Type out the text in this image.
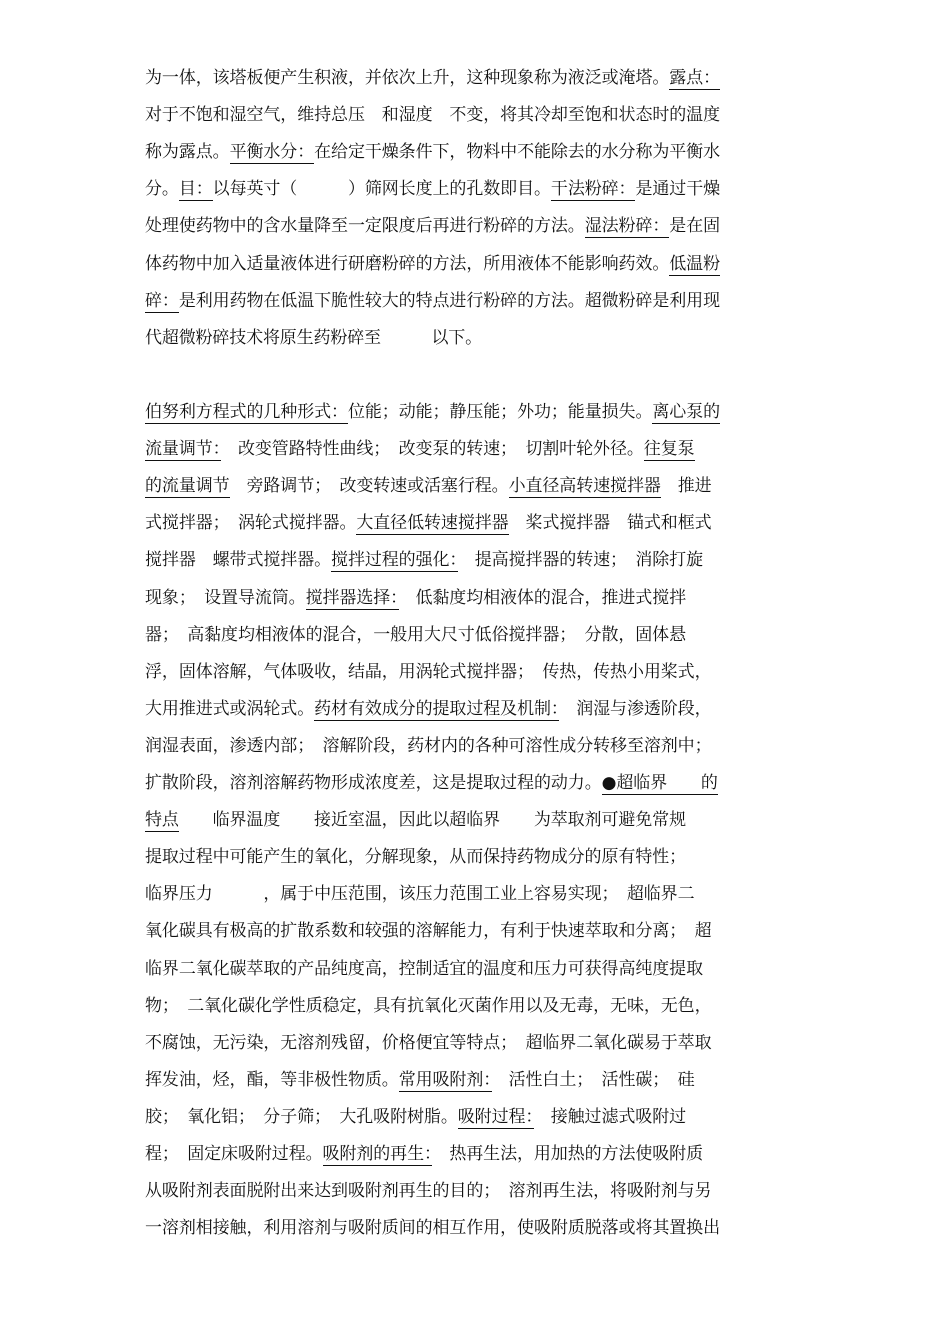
为一体，该塔板便产生积液，并依次上升，这种现象称为液泛或淹塔。露点：
对于不饱和湿空气，维持总压　和湿度　不变，将其冷却至饱和状态时的温度
称为露点。平衡水分：在给定干燥条件下，物料中不能除去的水分称为平衡水
分。目：以每英寸（　　　）筛网长度上的孔数即目。干法粉碎：是通过干燥
处理使药物中的含水量降至一定限度后再进行粉碎的方法。湿法粉碎：是在固
体药物中加入适量液体进行研磨粉碎的方法，所用液体不能影响药效。低温粉
碎：是利用药物在低温下脆性较大的特点进行粉碎的方法。超微粉碎是利用现
代超微粉碎技术将原生药粉碎至　　　以下。
伯努利方程式的几种形式：位能；动能；静压能；外功；能量损失。离心泵的
流量调节：　改变管路特性曲线；　改变泵的转速；　切割叶轮外径。往复泵
的流量调节　旁路调节；　改变转速或活塞行程。小直径高转速搅拌器　推进
式搅拌器；　涡轮式搅拌器。大直径低转速搅拌器　桨式搅拌器　锚式和框式
搅拌器　螺带式搅拌器。搅拌过程的强化：　提高搅拌器的转速；　消除打旋
现象；　设置导流筒。搅拌器选择：　低黏度均相液体的混合，推进式搅拌
器；　高黏度均相液体的混合，一般用大尺寸低俗搅拌器；　分散，固体悬
浮，固体溶解，气体吸收，结晶，用涡轮式搅拌器；　传热，传热小用桨式，
大用推进式或涡轮式。药材有效成分的提取过程及机制：　润湿与渗透阶段，
润湿表面，渗透内部；　溶解阶段，药材内的各种可溶性成分转移至溶剂中；
扩散阶段，溶剂溶解药物形成浓度差，这是提取过程的动力。●超临界　　的
特点　　临界温度　　接近室温，因此以超临界　　为萃取剂可避免常规
提取过程中可能产生的氧化，分解现象，从而保持药物成分的原有特性；
临界压力　　　，属于中压范围，该压力范围工业上容易实现；　超临界二
氧化碳具有极高的扩散系数和较强的溶解能力，有利于快速萃取和分离；　超
临界二氧化碳萃取的产品纯度高，控制适宜的温度和压力可获得高纯度提取
物；　二氧化碳化学性质稳定，具有抗氧化灭菌作用以及无毒，无味，无色，
不腐蚀，无污染，无溶剂残留，价格便宜等特点；　超临界二氧化碳易于萃取
挥发油，烃，酯，等非极性物质。常用吸附剂：　活性白土；　活性碳；　硅
胶；　氧化铝；　分子筛；　大孔吸附树脂。吸附过程：　接触过滤式吸附过
程；　固定床吸附过程。吸附剂的再生：　热再生法，用加热的方法使吸附质
从吸附剂表面脱附出来达到吸附剂再生的目的；　溶剂再生法，将吸附剂与另
一溶剂相接触，利用溶剂与吸附质间的相互作用，使吸附质脱落或将其置换出
